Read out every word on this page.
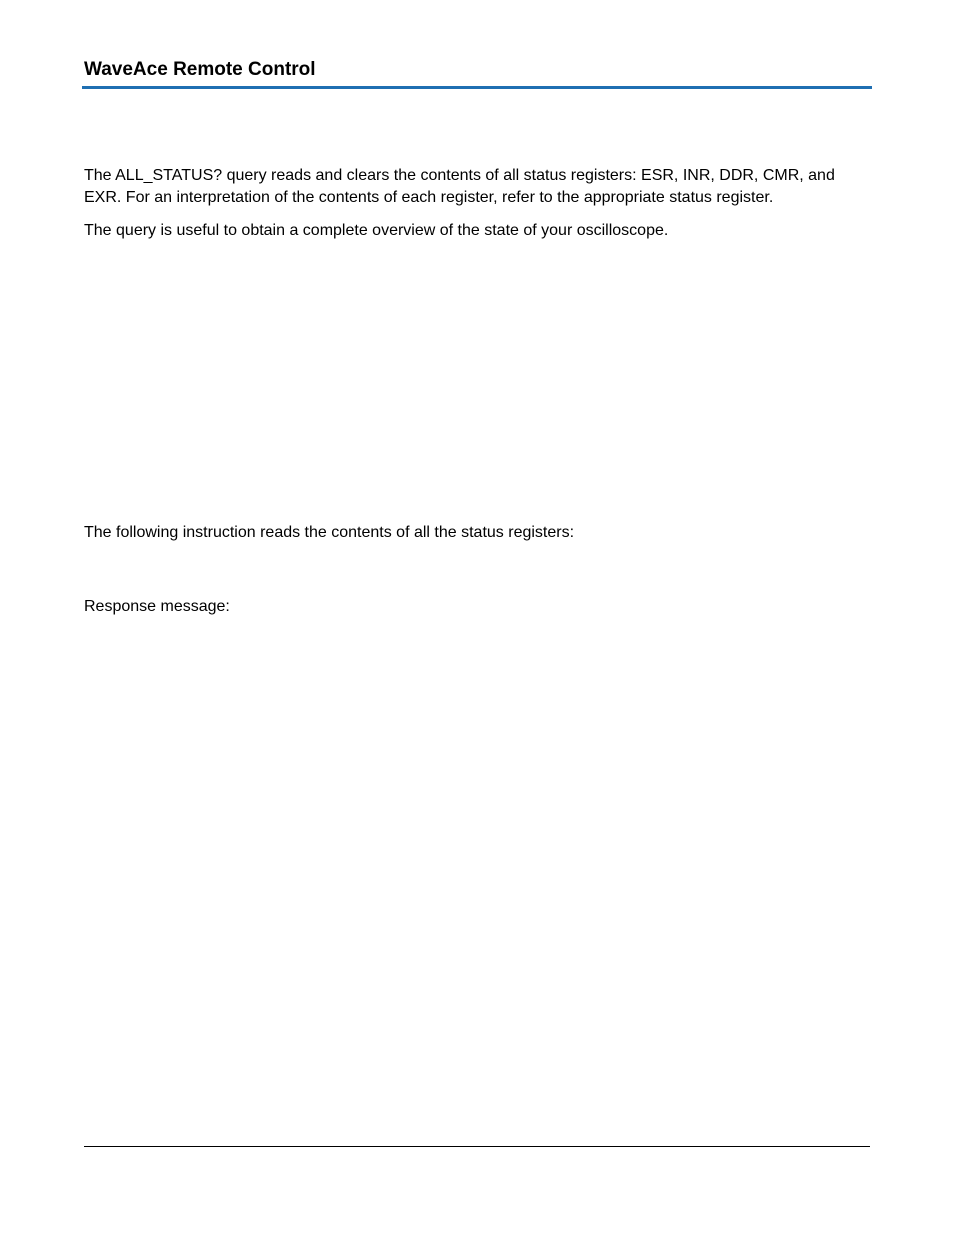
WaveAce Remote Control

The ALL_STATUS? query reads and clears the contents of all status registers: ESR, INR, DDR, CMR, and EXR. For an interpretation of the contents of each register, refer to the appropriate status register.

The query is useful to obtain a complete overview of the state of your oscilloscope.

The following instruction reads the contents of all the status registers:

Response message:
